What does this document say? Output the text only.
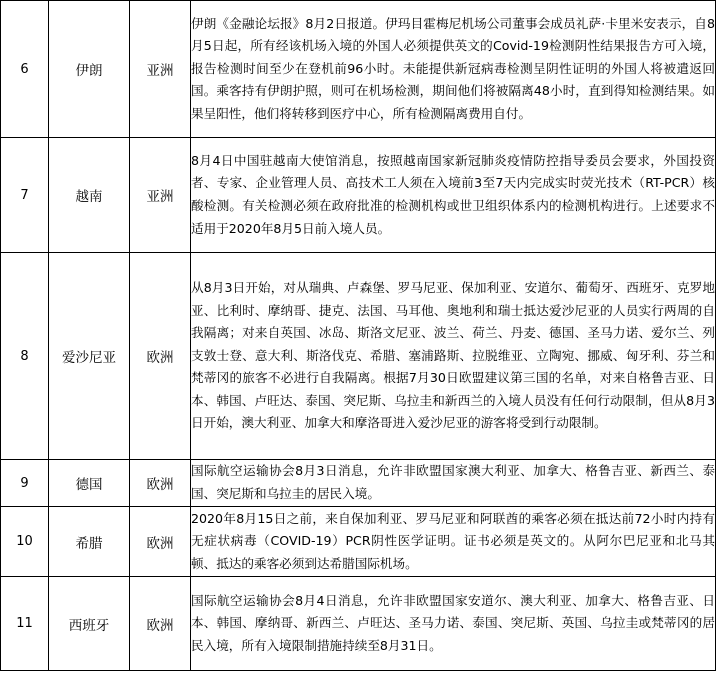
6	伊朗	亚洲	伊朗《金融论坛报》8月2日报道。伊玛目霍梅尼机场公司董事会成员礼萨·卡里米安表示，自8月5日起，所有经该机场入境的外国人必须提供英文的Covid-19检测阴性结果报告方可入境，报告检测时间至少在登机前96小时。未能提供新冠病毒检测呈阴性证明的外国人将被遣返回国。乘客持有伊朗护照，则可在机场检测，期间他们将被隔离48小时，直到得知检测结果。如果呈阳性，他们将转移到医疗中心，所有检测隔离费用自付。
7	越南	亚洲	8月4日中国驻越南大使馆消息，按照越南国家新冠肺炎疫情防控指导委员会要求，外国投资者、专家、企业管理人员、高技术工人须在入境前3至7天内完成实时荧光技术（RT-PCR）核酸检测。有关检测必须在政府批准的检测机构或世卫组织体系内的检测机构进行。上述要求不适用于2020年8月5日前入境人员。
8	爱沙尼亚	欧洲	从8月3日开始，对从瑞典、卢森堡、罗马尼亚、保加利亚、安道尔、葡萄牙、西班牙、克罗地亚、比利时、摩纳哥、捷克、法国、马耳他、奥地利和瑞士抵达爱沙尼亚的人员实行两周的自我隔离；对来自英国、冰岛、斯洛文尼亚、波兰、荷兰、丹麦、德国、圣马力诺、爱尔兰、列支敦士登、意大利、斯洛伐克、希腊、塞浦路斯、拉脱维亚、立陶宛、挪威、匈牙利、芬兰和梵蒂冈的旅客不必进行自我隔离。根据7月30日欧盟建议第三国的名单，对来自格鲁吉亚、日本、韩国、卢旺达、泰国、突尼斯、乌拉圭和新西兰的入境人员没有任何行动限制，但从8月3日开始，澳大利亚、加拿大和摩洛哥进入爱沙尼亚的游客将受到行动限制。
9	德国	欧洲	国际航空运输协会8月3日消息，允许非欧盟国家澳大利亚、加拿大、格鲁吉亚、新西兰、泰国、突尼斯和乌拉圭的居民入境。
10	希腊	欧洲	2020年8月15日之前，来自保加利亚、罗马尼亚和阿联酋的乘客必须在抵达前72小时内持有无症状病毒（COVID-19）PCR阴性医学证明。证书必须是英文的。从阿尔巴尼亚和北马其顿、抵达的乘客必须到达希腊国际机场。
11	西班牙	欧洲	国际航空运输协会8月4日消息，允许非欧盟国家安道尔、澳大利亚、加拿大、格鲁吉亚、日本、韩国、摩纳哥、新西兰、卢旺达、圣马力诺、泰国、突尼斯、英国、乌拉圭或梵蒂冈的居民入境，所有入境限制措施持续至8月31日。
